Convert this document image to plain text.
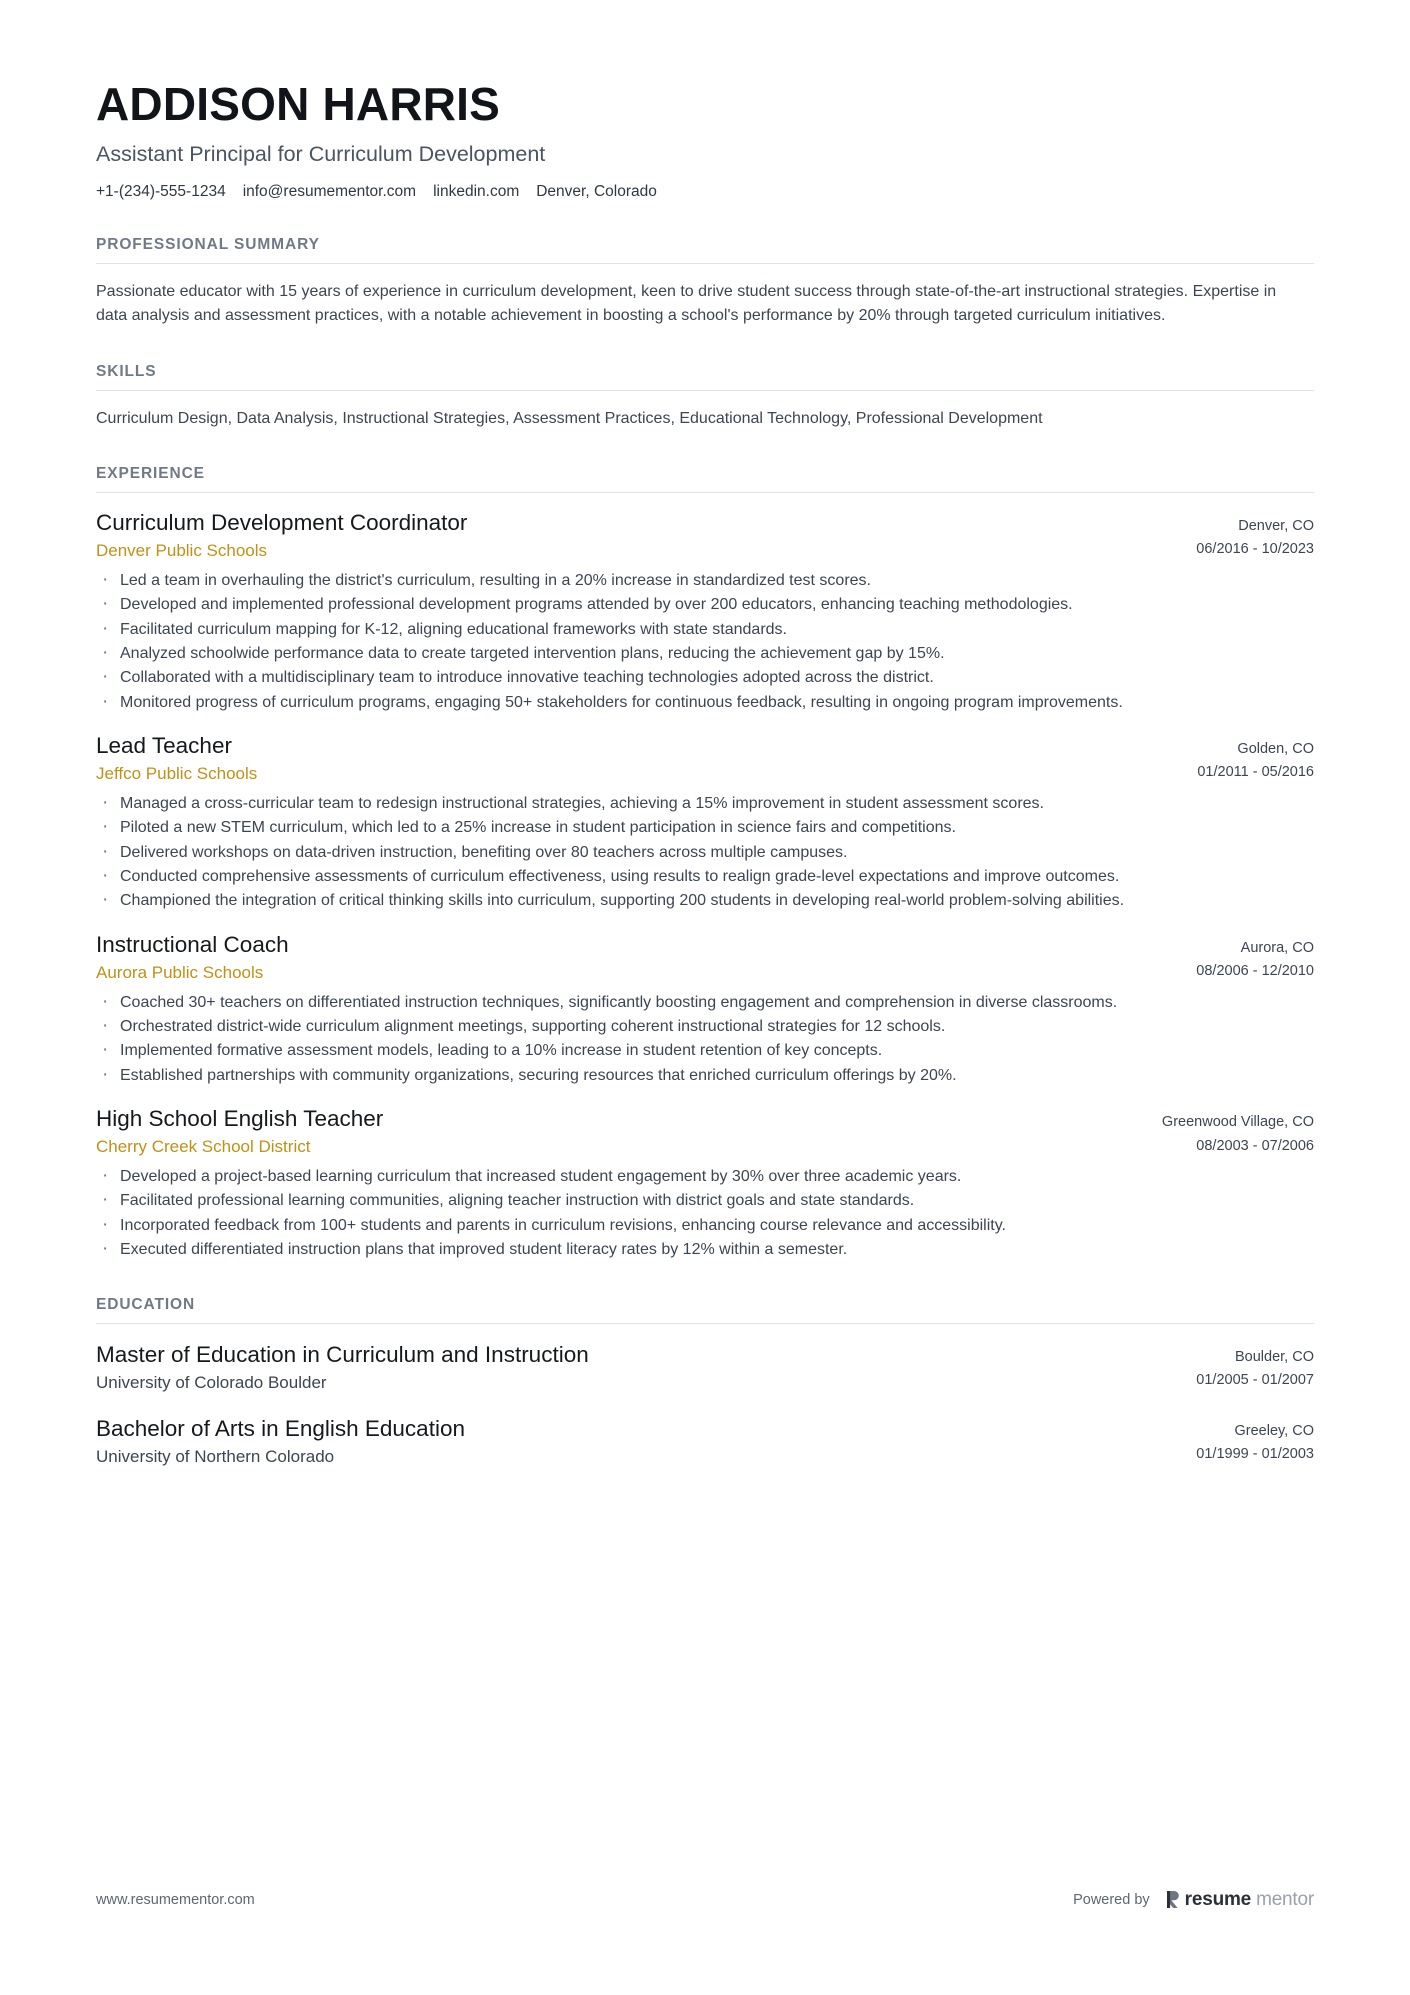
ADDISON HARRIS
Assistant Principal for Curriculum Development
+1-(234)-555-1234 info@resumementor.com linkedin.com Denver, Colorado
PROFESSIONAL SUMMARY

Passionate educator with 15 years of experience in curriculum development, keen to drive student success through state-of-the-art instructional strategies. Expertise in data analysis and assessment practices, with a notable achievement in boosting a school's performance by 20% through targeted curriculum initiatives.

SKILLS

Curriculum Design, Data Analysis, Instructional Strategies, Assessment Practices, Educational Technology, Professional Development

EXPERIENCE
Curriculum Development Coordinator
Denver Public Schools
Denver, CO
06/2016 - 10/2023
· Led a team in overhauling the district's curriculum, resulting in a 20% increase in standardized test scores.
· Developed and implemented professional development programs attended by over 200 educators, enhancing teaching methodologies.
· Facilitated curriculum mapping for K-12, aligning educational frameworks with state standards.
· Analyzed schoolwide performance data to create targeted intervention plans, reducing the achievement gap by 15%.
· Collaborated with a multidisciplinary team to introduce innovative teaching technologies adopted across the district.
· Monitored progress of curriculum programs, engaging 50+ stakeholders for continuous feedback, resulting in ongoing program improvements.
Lead Teacher
Jeffco Public Schools
Golden, CO
01/2011 - 05/2016
· Managed a cross-curricular team to redesign instructional strategies, achieving a 15% improvement in student assessment scores.
· Piloted a new STEM curriculum, which led to a 25% increase in student participation in science fairs and competitions.
· Delivered workshops on data-driven instruction, benefiting over 80 teachers across multiple campuses.
· Conducted comprehensive assessments of curriculum effectiveness, using results to realign grade-level expectations and improve outcomes.
· Championed the integration of critical thinking skills into curriculum, supporting 200 students in developing real-world problem-solving abilities.
Instructional Coach
Aurora Public Schools
Aurora, CO
08/2006 - 12/2010
· Coached 30+ teachers on differentiated instruction techniques, significantly boosting engagement and comprehension in diverse classrooms.
· Orchestrated district-wide curriculum alignment meetings, supporting coherent instructional strategies for 12 schools.
· Implemented formative assessment models, leading to a 10% increase in student retention of key concepts.
· Established partnerships with community organizations, securing resources that enriched curriculum offerings by 20%.
High School English Teacher
Cherry Creek School District
Greenwood Village, CO
08/2003 - 07/2006
· Developed a project-based learning curriculum that increased student engagement by 30% over three academic years.
· Facilitated professional learning communities, aligning teacher instruction with district goals and state standards.
· Incorporated feedback from 100+ students and parents in curriculum revisions, enhancing course relevance and accessibility.
· Executed differentiated instruction plans that improved student literacy rates by 12% within a semester.
EDUCATION
Master of Education in Curriculum and Instruction
University of Colorado Boulder
Boulder, CO
01/2005 - 01/2007
Bachelor of Arts in English Education
University of Northern Colorado
Greeley, CO
01/1999 - 01/2003
www.resumementor.com	Powered by resume mentor
